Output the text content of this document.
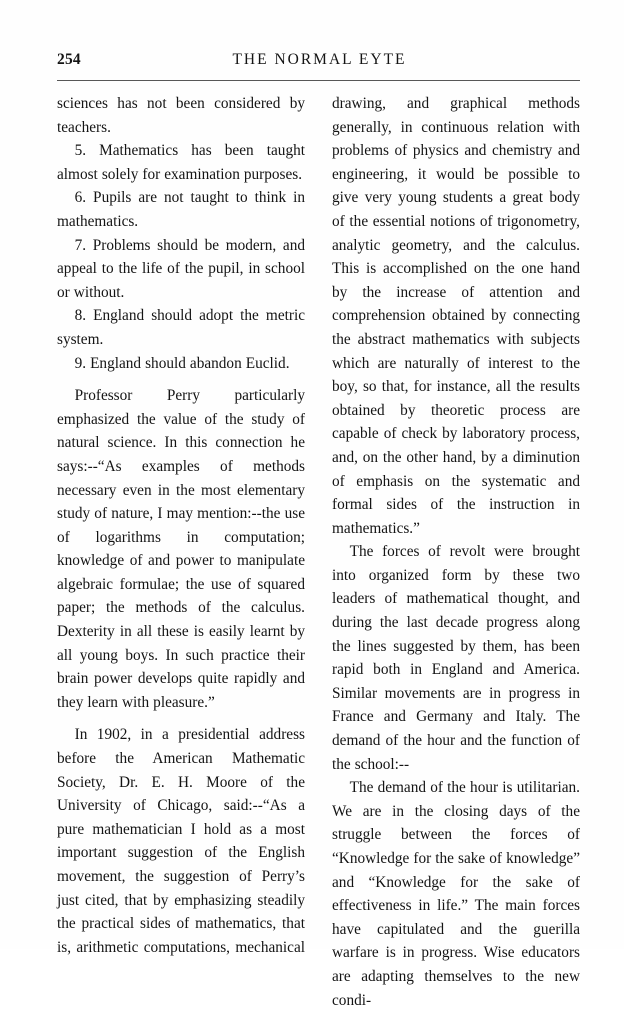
254	THE NORMAL EYTE

sciences has not been considered by teachers.

5. Mathematics has been taught almost solely for examination purposes.

6. Pupils are not taught to think in mathematics.

7. Problems should be modern, and appeal to the life of the pupil, in school or without.

8. England should adopt the metric system.

9. England should abandon Euclid.

Professor Perry particularly emphasized the value of the study of natural science. In this connection he says:--“As examples of methods necessary even in the most elementary study of nature, I may mention:--the use of logarithms in computation; knowledge of and power to manipulate algebraic formulae; the use of squared paper; the methods of the calculus. Dexterity in all these is easily learnt by all young boys. In such practice their brain power develops quite rapidly and they learn with pleasure.”

In 1902, in a presidential address before the American Mathematic Society, Dr. E. H. Moore of the University of Chicago, said:--“As a pure mathematician I hold as a most important suggestion of the English movement, the suggestion of Perry’s just cited, that by emphasizing steadily the practical sides of mathematics, that is, arithmetic computations, mechanical

drawing, and graphical methods generally, in continuous relation with problems of physics and chemistry and engineering, it would be possible to give very young students a great body of the essential notions of trigonometry, analytic geometry, and the calculus. This is accomplished on the one hand by the increase of attention and comprehension obtained by connecting the abstract mathematics with subjects which are naturally of interest to the boy, so that, for instance, all the results obtained by theoretic process are capable of check by laboratory process, and, on the other hand, by a diminution of emphasis on the systematic and formal sides of the instruction in mathematics.”

The forces of revolt were brought into organized form by these two leaders of mathematical thought, and during the last decade progress along the lines suggested by them, has been rapid both in England and America. Similar movements are in progress in France and Germany and Italy. The demand of the hour and the function of the school:--

The demand of the hour is utilitarian. We are in the closing days of the struggle between the forces of “Knowledge for the sake of knowledge” and “Knowledge for the sake of effectiveness in life.” The main forces have capitulated and the guerilla warfare is in progress. Wise educators are adapting themselves to the new condi-
